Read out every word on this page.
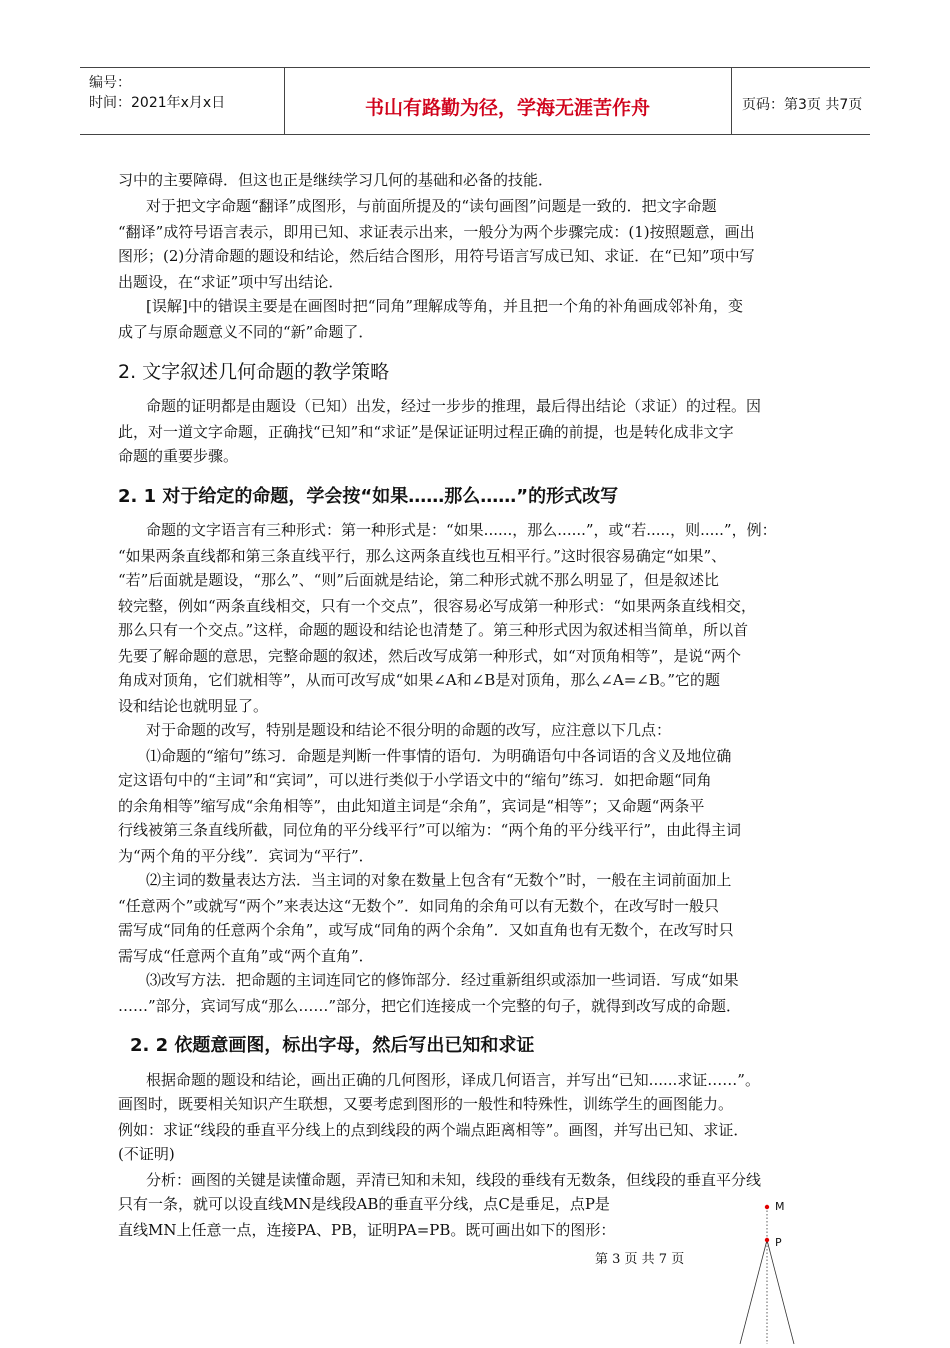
编号：
时间：2021年x月x日	书山有路勤为径，学海无涯苦作舟	页码：第3页 共7页
习中的主要障碍．但这也正是继续学习几何的基础和必备的技能．
对于把文字命题“翻译”成图形，与前面所提及的“读句画图”问题是一致的．把文字命题
“翻译”成符号语言表示，即用已知、求证表示出来，一般分为两个步骤完成：(1)按照题意，画出
图形；(2)分清命题的题设和结论，然后结合图形，用符号语言写成已知、求证．在“已知”项中写
出题设，在“求证”项中写出结论．
[误解]中的错误主要是在画图时把“同角”理解成等角，并且把一个角的补角画成邻补角，变
成了与原命题意义不同的“新”命题了．
2. 文字叙述几何命题的教学策略
命题的证明都是由题设（已知）出发，经过一步步的推理，最后得出结论（求证）的过程。因
此，对一道文字命题，正确找“已知”和“求证”是保证证明过程正确的前提，也是转化成非文字
命题的重要步骤。
2. 1 对于给定的命题，学会按“如果……那么……”的形式改写
命题的文字语言有三种形式：第一种形式是：“如果......，那么......”，或“若.....，则.....”，例：
“如果两条直线都和第三条直线平行，那么这两条直线也互相平行。”这时很容易确定“如果”、
“若”后面就是题设，“那么”、“则”后面就是结论，第二种形式就不那么明显了，但是叙述比
较完整，例如“两条直线相交，只有一个交点”，很容易必写成第一种形式：“如果两条直线相交，
那么只有一个交点。”这样，命题的题设和结论也清楚了。第三种形式因为叙述相当简单，所以首
先要了解命题的意思，完整命题的叙述，然后改写成第一种形式，如“对顶角相等”，是说“两个
角成对顶角，它们就相等”，从而可改写成“如果∠A和∠B是对顶角，那么∠A=∠B。”它的题
设和结论也就明显了。
对于命题的改写，特别是题设和结论不很分明的命题的改写，应注意以下几点：
⑴命题的“缩句”练习．命题是判断一件事情的语句．为明确语句中各词语的含义及地位确
定这语句中的“主词”和“宾词”，可以进行类似于小学语文中的“缩句”练习．如把命题“同角
的余角相等”缩写成“余角相等”，由此知道主词是“余角”，宾词是“相等”；又命题“两条平
行线被第三条直线所截，同位角的平分线平行”可以缩为：“两个角的平分线平行”，由此得主词
为“两个角的平分线”．宾词为“平行”．
⑵主词的数量表达方法．当主词的对象在数量上包含有“无数个”时，一般在主词前面加上
“任意两个”或就写“两个”来表达这“无数个”．如同角的余角可以有无数个，在改写时一般只
需写成“同角的任意两个余角”，或写成“同角的两个余角”．又如直角也有无数个，在改写时只
需写成“任意两个直角”或“两个直角”．
⑶改写方法．把命题的主词连同它的修饰部分．经过重新组织或添加一些词语．写成“如果
……”部分，宾词写成“那么……”部分，把它们连接成一个完整的句子，就得到改写成的命题．
2. 2 依题意画图，标出字母，然后写出已知和求证
根据命题的题设和结论，画出正确的几何图形，译成几何语言，并写出“已知......求证……”。
画图时，既要相关知识产生联想，又要考虑到图形的一般性和特殊性，训练学生的画图能力。
例如：求证“线段的垂直平分线上的点到线段的两个端点距离相等”。画图，并写出已知、求证．
(不证明)
分析：画图的关键是读懂命题，弄清已知和未知，线段的垂线有无数条，但线段的垂直平分线
只有一条，就可以设直线MN是线段AB的垂直平分线，点C是垂足，点P是
直线MN上任意一点，连接PA、PB，证明PA=PB。既可画出如下的图形：
第 3 页 共 7 页
M
P
